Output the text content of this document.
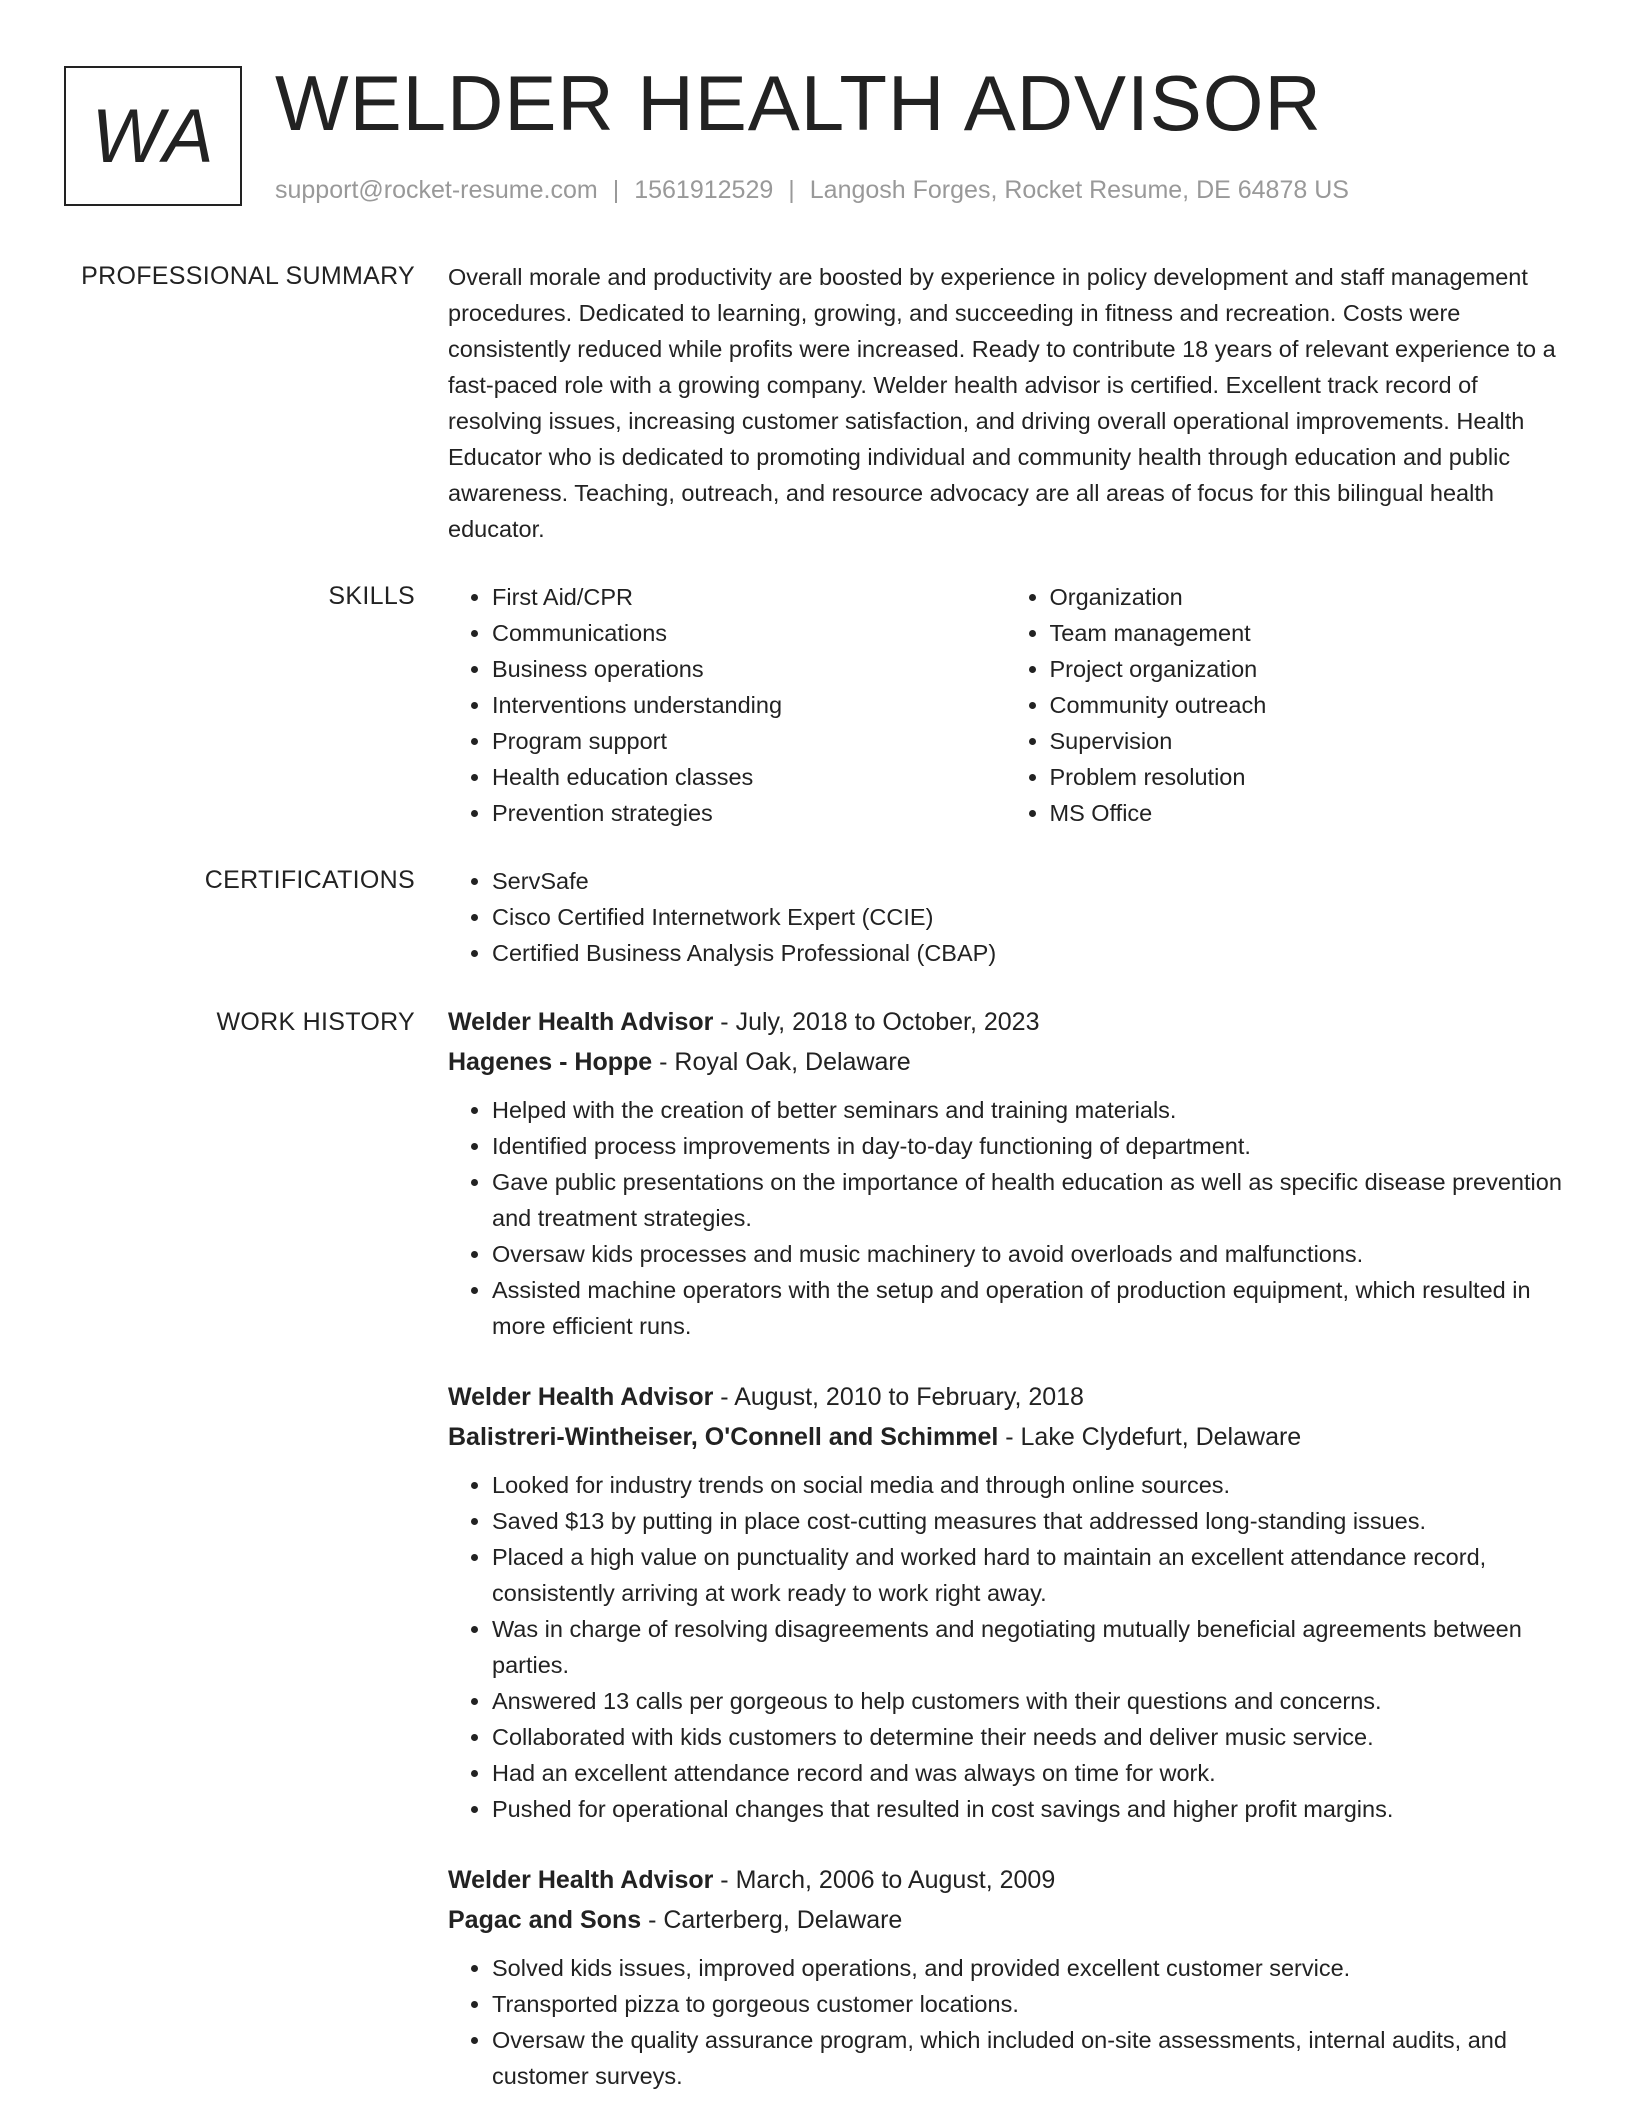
WA WELDER HEALTH ADVISOR
support@rocket-resume.com | 1561912529 | Langosh Forges, Rocket Resume, DE 64878 US
PROFESSIONAL SUMMARY Overall morale and productivity are boosted by experience in policy development and staff management procedures. Dedicated to learning, growing, and succeeding in fitness and recreation. Costs were consistently reduced while profits were increased. Ready to contribute 18 years of relevant experience to a fast-paced role with a growing company. Welder health advisor is certified. Excellent track record of resolving issues, increasing customer satisfaction, and driving overall operational improvements. Health Educator who is dedicated to promoting individual and community health through education and public awareness. Teaching, outreach, and resource advocacy are all areas of focus for this bilingual health educator.
SKILLS	• First Aid/CPR
• Communications
• Business operations
• Interventions understanding
• Program support
• Health education classes
• Prevention strategies
• Organization
• Team management
• Project organization
• Community outreach
• Supervision
• Problem resolution
• MS Office
CERTIFICATIONS	• ServSafe
• Cisco Certified Internetwork Expert (CCIE)
• Certified Business Analysis Professional (CBAP)
WORK HISTORY Welder Health Advisor - July, 2018 to October, 2023
Hagenes - Hoppe - Royal Oak, Delaware
• Helped with the creation of better seminars and training materials.
• Identified process improvements in day-to-day functioning of department.
• Gave public presentations on the importance of health education as well as specific disease prevention and treatment strategies.
• Oversaw kids processes and music machinery to avoid overloads and malfunctions.
• Assisted machine operators with the setup and operation of production equipment, which resulted in more efficient runs.
Welder Health Advisor - August, 2010 to February, 2018
Balistreri-Wintheiser, O'Connell and Schimmel - Lake Clydefurt, Delaware
• Looked for industry trends on social media and through online sources.
• Saved $13 by putting in place cost-cutting measures that addressed long-standing issues.
• Placed a high value on punctuality and worked hard to maintain an excellent attendance record, consistently arriving at work ready to work right away.
• Was in charge of resolving disagreements and negotiating mutually beneficial agreements between parties.
• Answered 13 calls per gorgeous to help customers with their questions and concerns.
• Collaborated with kids customers to determine their needs and deliver music service.
• Had an excellent attendance record and was always on time for work.
• Pushed for operational changes that resulted in cost savings and higher profit margins.
Welder Health Advisor - March, 2006 to August, 2009
Pagac and Sons - Carterberg, Delaware
• Solved kids issues, improved operations, and provided excellent customer service.
• Transported pizza to gorgeous customer locations.
• Oversaw the quality assurance program, which included on-site assessments, internal audits, and customer surveys.
